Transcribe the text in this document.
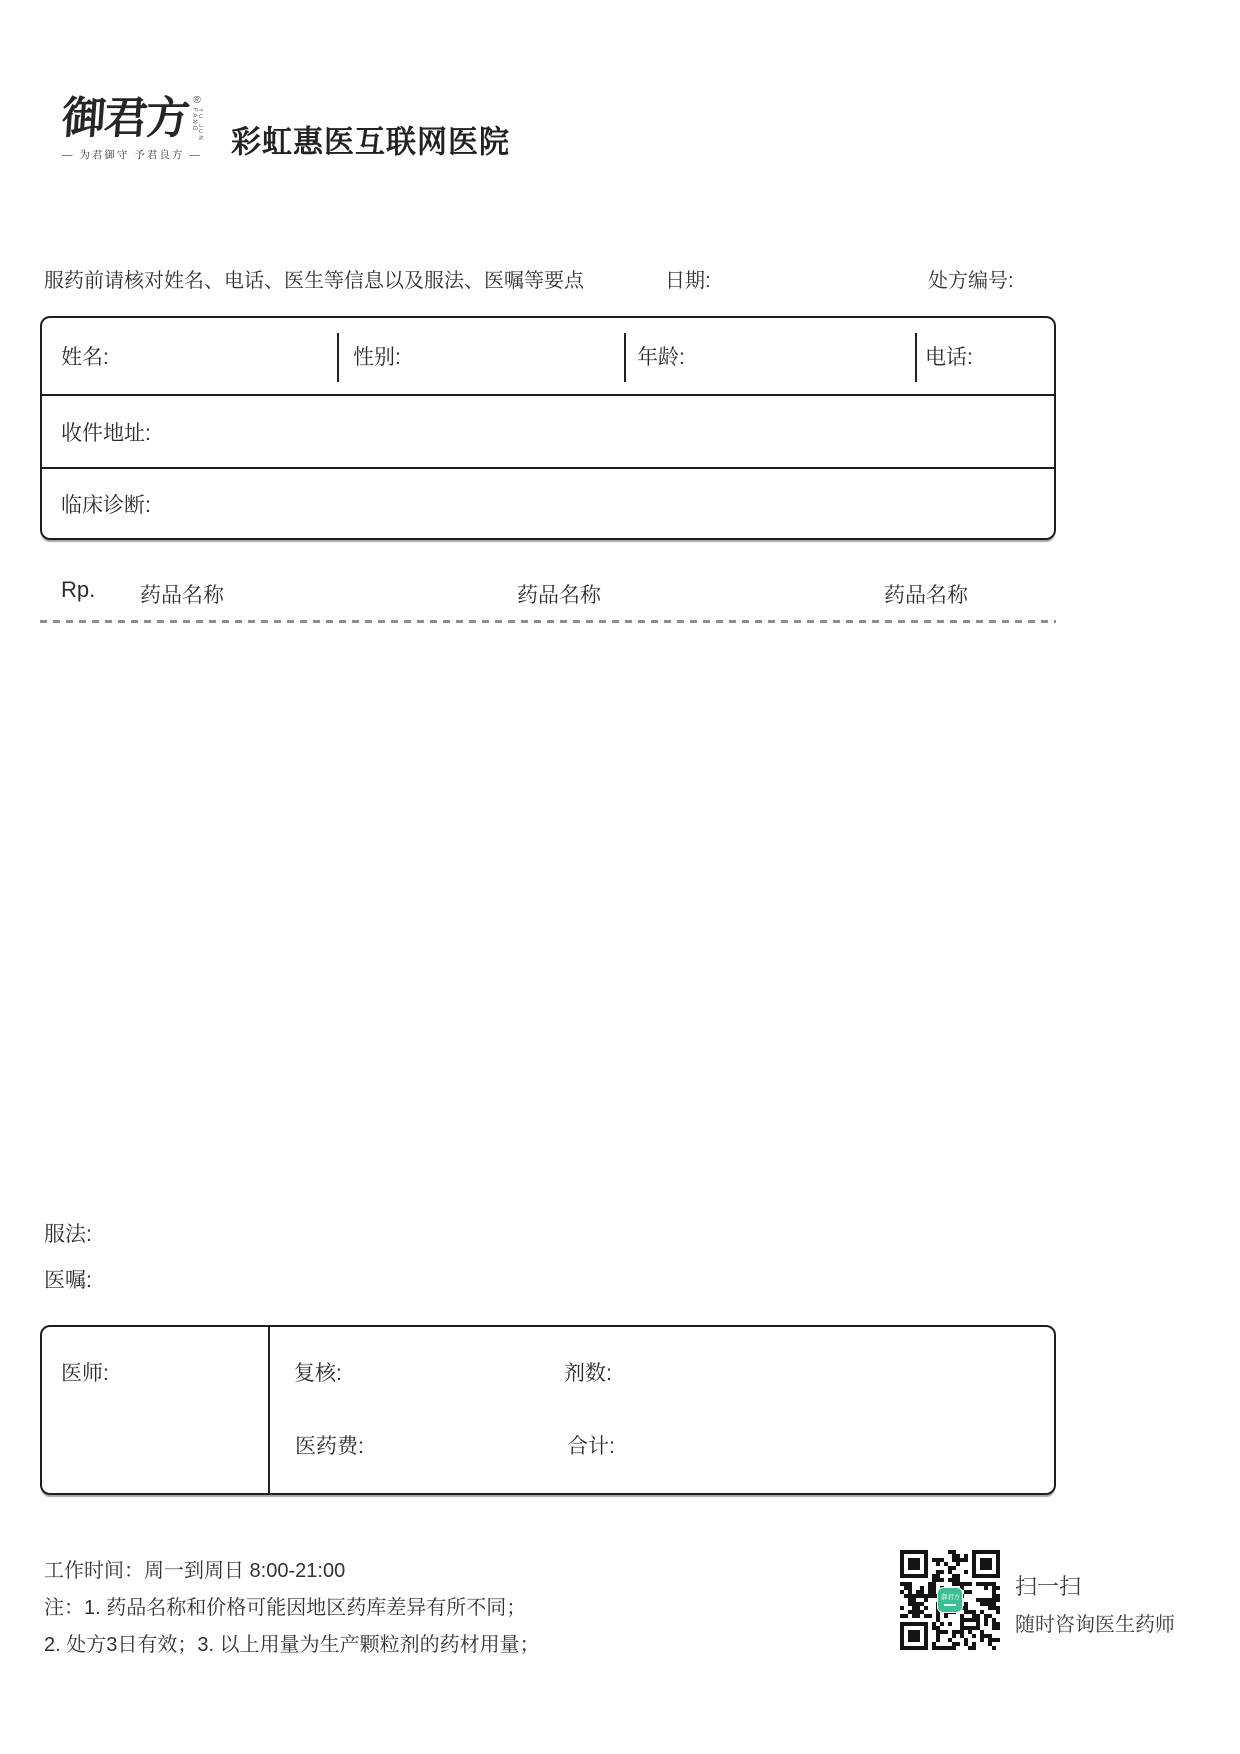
御君方 ®
YU JUN FANG
— 为君御守 予君良方 — 彩虹惠医互联网医院
服药前请核对姓名、电话、医生等信息以及服法、医嘱等要点	日期:	处方编号:
姓名:	性别:	年龄:	电话:
收件地址:
临床诊断:
Rp. 药品名称	药品名称	药品名称
服法:
医嘱:
医师:	复核:	剂数:
医药费:	合计:
工作时间：周一到周日 8:00-21:00
注：1. 药品名称和价格可能因地区药库差异有所不同；
2. 处方3日有效；3. 以上用量为生产颗粒剂的药材用量；
御君方	扫一扫
随时咨询医生药师
